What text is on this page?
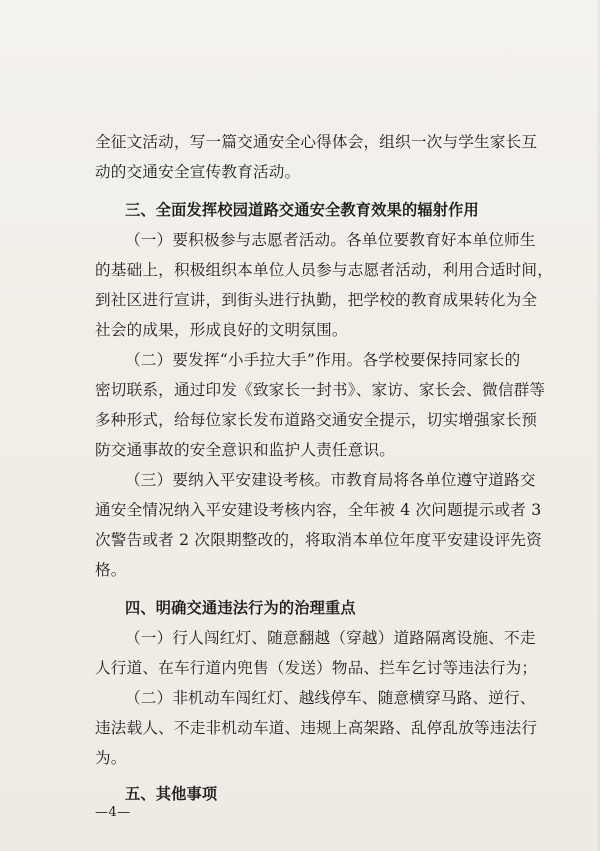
全征文活动，写一篇交通安全心得体会，组织一次与学生家长互
动的交通安全宣传教育活动。
三、全面发挥校园道路交通安全教育效果的辐射作用
（一）要积极参与志愿者活动。各单位要教育好本单位师生
的基础上，积极组织本单位人员参与志愿者活动，利用合适时间，
到社区进行宣讲，到街头进行执勤，把学校的教育成果转化为全
社会的成果，形成良好的文明氛围。
（二）要发挥“小手拉大手”作用。各学校要保持同家长的
密切联系，通过印发《致家长一封书》、家访、家长会、微信群等
多种形式，给每位家长发布道路交通安全提示，切实增强家长预
防交通事故的安全意识和监护人责任意识。
（三）要纳入平安建设考核。市教育局将各单位遵守道路交
通安全情况纳入平安建设考核内容，全年被 4 次问题提示或者 3
次警告或者 2 次限期整改的，将取消本单位年度平安建设评先资
格。
四、明确交通违法行为的治理重点
（一）行人闯红灯、随意翻越（穿越）道路隔离设施、不走
人行道、在车行道内兜售（发送）物品、拦车乞讨等违法行为；
（二）非机动车闯红灯、越线停车、随意横穿马路、逆行、
违法载人、不走非机动车道、违规上高架路、乱停乱放等违法行
为。
五、其他事项
—4—
